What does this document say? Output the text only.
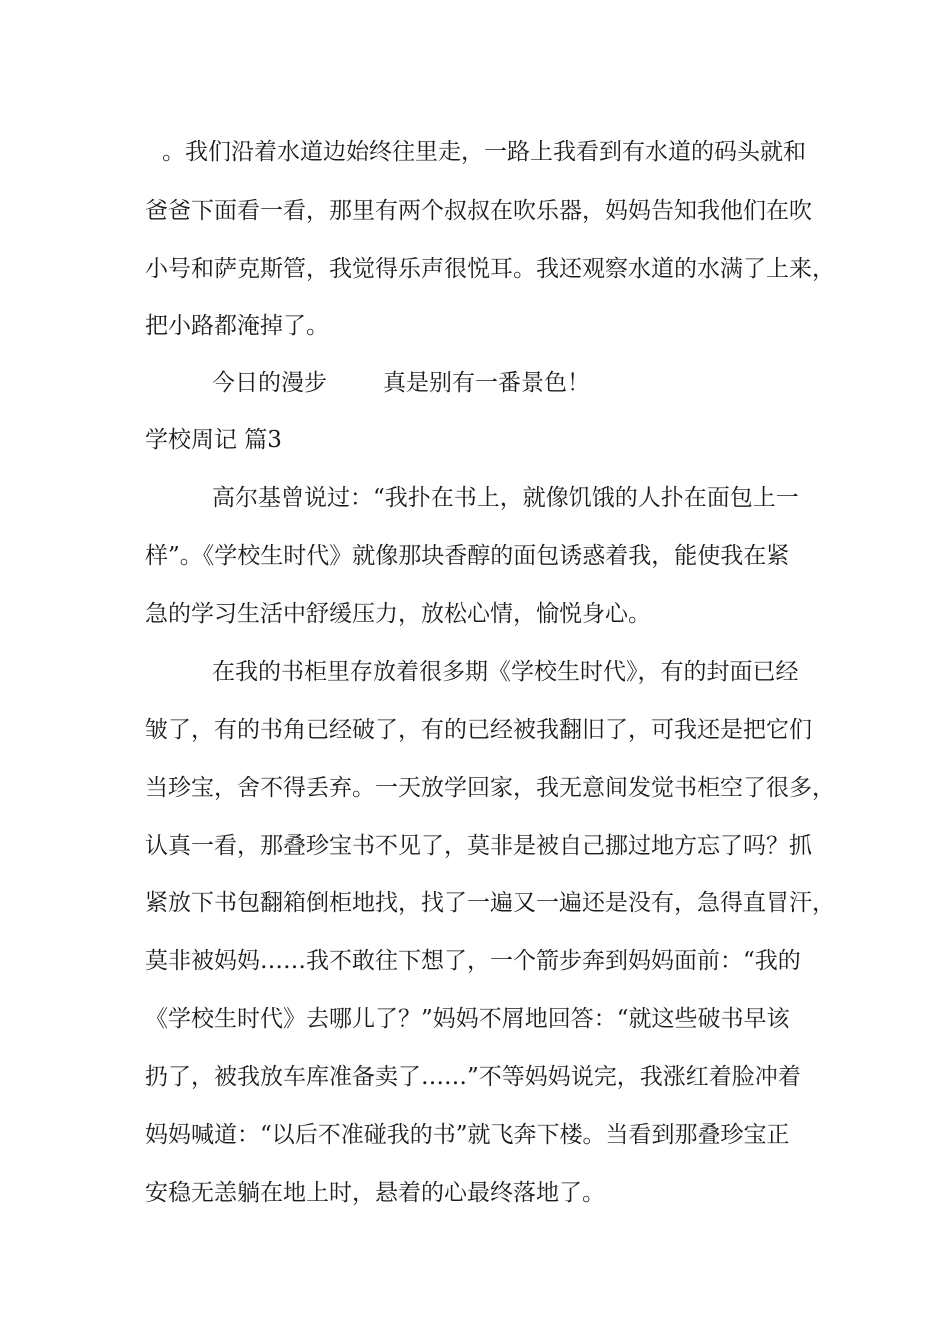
。我们沿着水道边始终往里走，一路上我看到有水道的码头就和
爸爸下面看一看，那里有两个叔叔在吹乐器，妈妈告知我他们在吹
小号和萨克斯管，我觉得乐声很悦耳。我还观察水道的水满了上来，
把小路都淹掉了。
今日的漫步 真是别有一番景色！
学校周记 篇3
高尔基曾说过：“我扑在书上，就像饥饿的人扑在面包上一
样”。《学校生时代》就像那块香醇的面包诱惑着我，能使我在紧
急的学习生活中舒缓压力，放松心情，愉悦身心。
在我的书柜里存放着很多期《学校生时代》，有的封面已经
皱了，有的书角已经破了，有的已经被我翻旧了，可我还是把它们
当珍宝，舍不得丢弃。一天放学回家，我无意间发觉书柜空了很多，
认真一看，那叠珍宝书不见了，莫非是被自己挪过地方忘了吗？抓
紧放下书包翻箱倒柜地找，找了一遍又一遍还是没有，急得直冒汗，
莫非被妈妈……我不敢往下想了，一个箭步奔到妈妈面前：“我的
《学校生时代》去哪儿了？”妈妈不屑地回答：“就这些破书早该
扔了，被我放车库准备卖了……”不等妈妈说完，我涨红着脸冲着
妈妈喊道：“以后不准碰我的书”就飞奔下楼。当看到那叠珍宝正
安稳无恙躺在地上时，悬着的心最终落地了。
